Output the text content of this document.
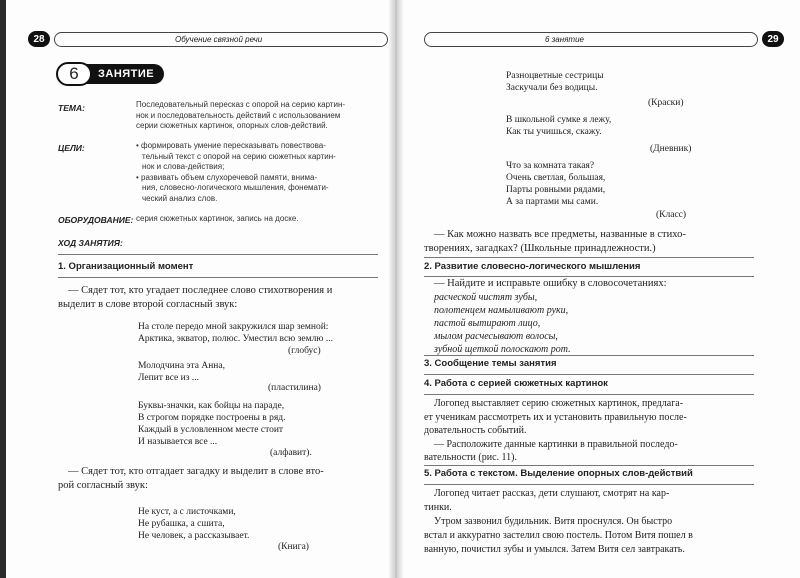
28	Обучение связной речи
6	ЗАНЯТИЕ
ТЕМА:	Последовательный пересказ с опорой на серию картин-
нок и последовательность действий с использованием
серии сюжетных картинок, опорных слов-действий.
ЦЕЛИ:	• формировать умение пересказывать повествова-
тельный текст с опорой на серию сюжетных картин-
нок и слова-действия;
• развивать объем слухоречевой памяти, внима-
ния, словесно-логического мышления, фонемати-
ческий анализ слов.
ОБОРУДОВАНИЕ: серия сюжетных картинок, запись на доске.
ХОД ЗАНЯТИЯ:
1. Организационный момент
— Сядет тот, кто угадает последнее слово стихотворения и
выделит в слове второй согласный звук:
На столе передо мной закружился шар земной:
Арктика, экватор, полюс. Уместил всю землю ...
(глобус)
Молодчина эта Анна,
Лепит все из ...
(пластилина)
Буквы-значки, как бойцы на параде,
В строгом порядке построены в ряд.
Каждый в условленном месте стоит
И называется все ...
(алфавит).
— Сядет тот, кто отгадает загадку и выделит в слове вто-
рой согласный звук:
Не куст, а с листочками,
Не рубашка, а сшита,
Не человек, а рассказывает.
(Книга)
6 занятие	29
Разноцветные сестрицы
Заскучали без водицы.
(Краски)
В школьной сумке я лежу,
Как ты учишься, скажу.
(Дневник)
Что за комната такая?
Очень светлая, большая,
Парты ровными рядами,
А за партами мы сами.
(Класс)
— Как можно назвать все предметы, названные в стихо-
творениях, загадках? (Школьные принадлежности.)
2. Развитие словесно-логического мышления
— Найдите и исправьте ошибку в словосочетаниях:
расческой чистят зубы,
полотенцем намыливают руки,
пастой вытирают лицо,
мылом расчесывают волосы,
зубной щеткой полоскают рот.
3. Сообщение темы занятия
4. Работа с серией сюжетных картинок
Логопед выставляет серию сюжетных картинок, предлага-
ет ученикам рассмотреть их и установить правильную после-
довательность событий.
— Расположите данные картинки в правильной последо-
вательности (рис. 11).
5. Работа с текстом. Выделение опорных слов-действий
Логопед читает рассказ, дети слушают, смотрят на кар-
тинки.
Утром зазвонил будильник. Витя проснулся. Он быстро
встал и аккуратно застелил свою постель. Потом Витя пошел в
ванную, почистил зубы и умылся. Затем Витя сел завтракать.
